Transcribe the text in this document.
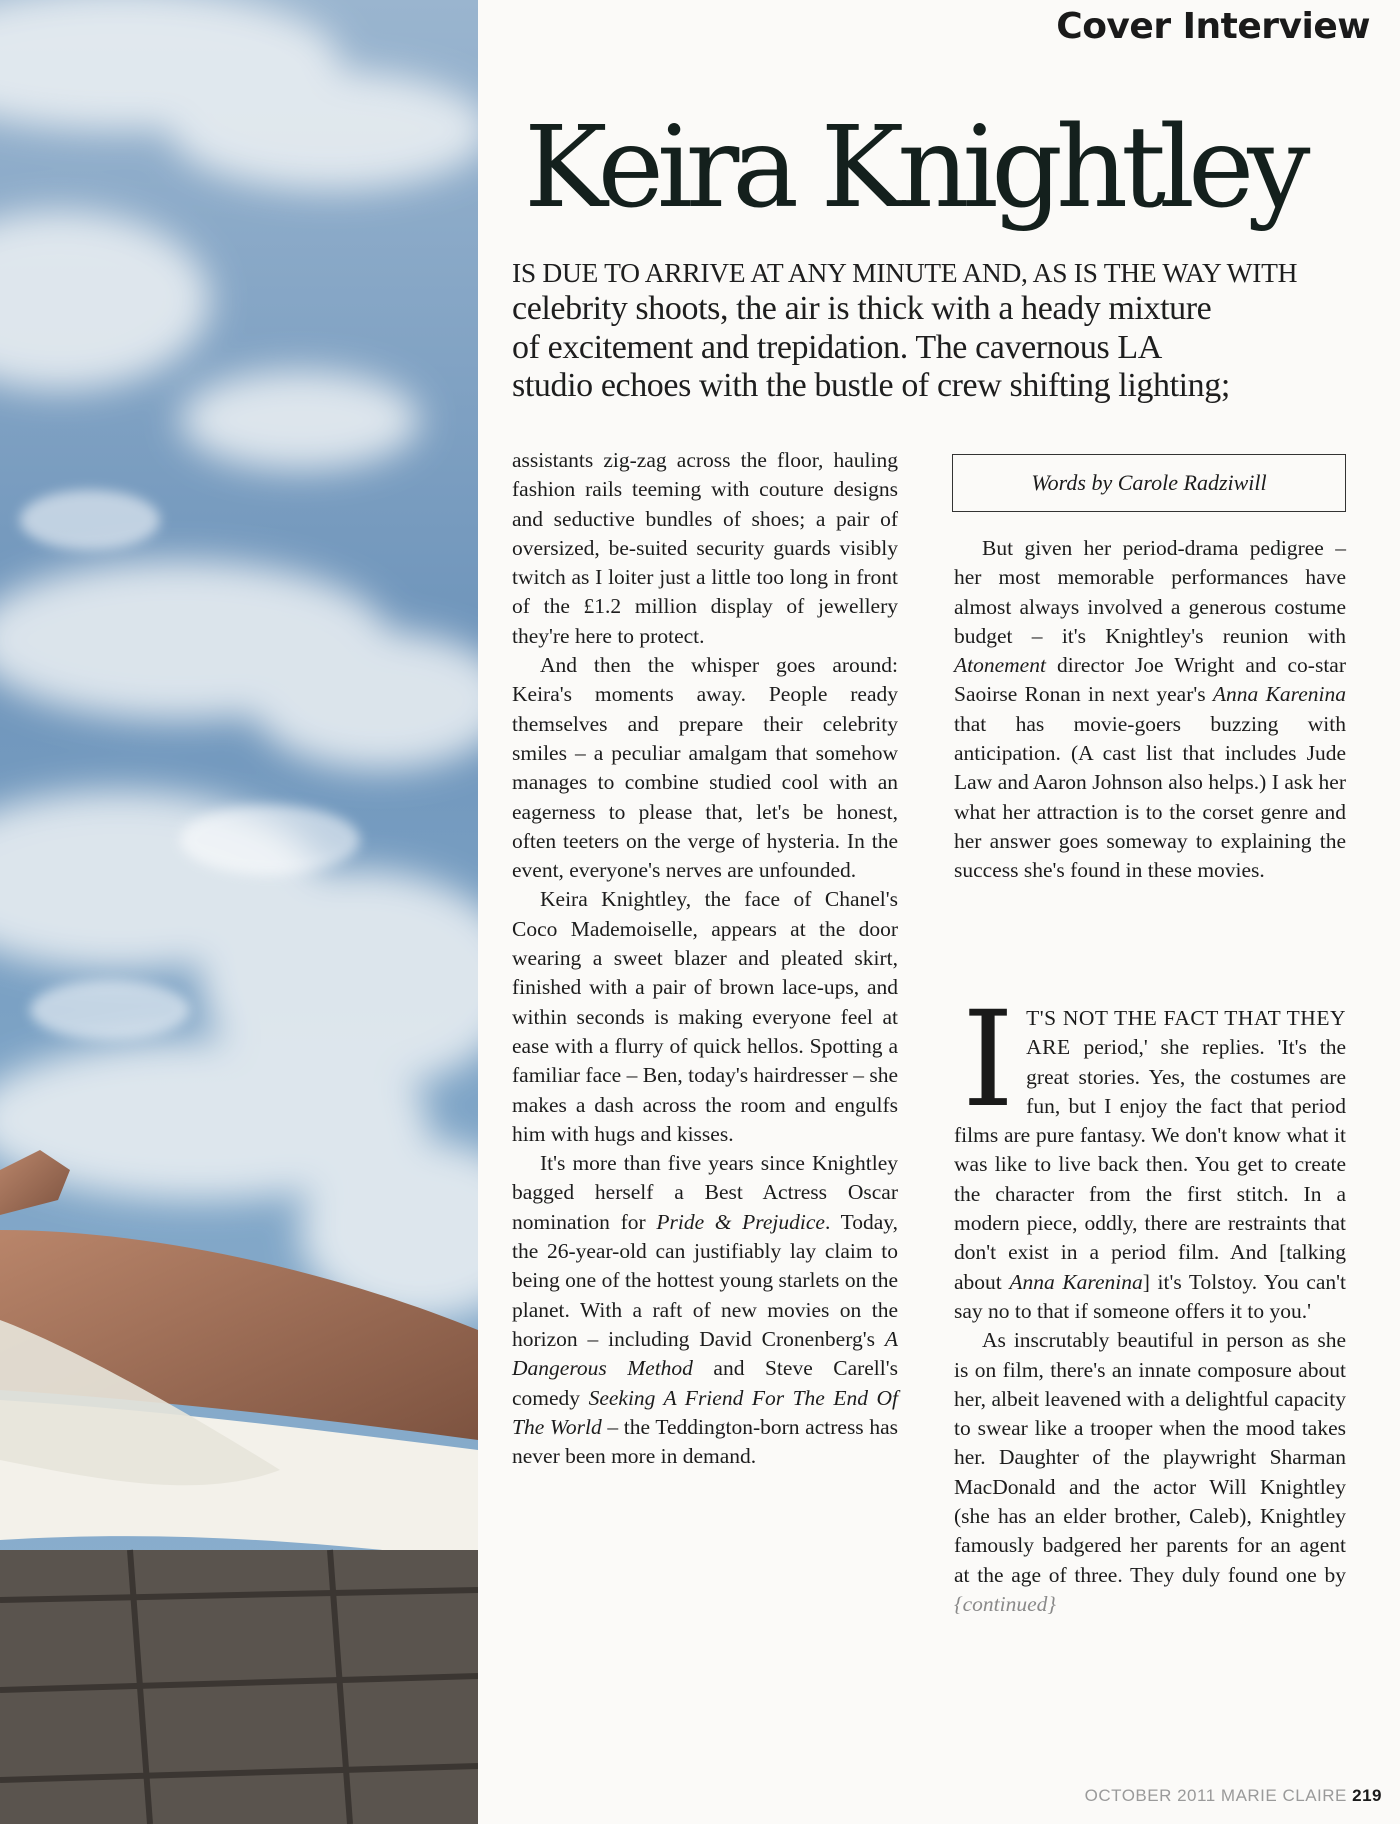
Cover Interview
Keira Knightley

IS DUE TO ARRIVE AT ANY MINUTE AND, AS IS THE WAY WITH

celebrity shoots, the air is thick with a heady mixture

of excitement and trepidation. The cavernous LA

studio echoes with the bustle of crew shifting lighting;

assistants zig-zag across the floor, hauling fashion rails teeming with couture designs and seductive bundles of shoes; a pair of oversized, be-suited security guards visibly twitch as I loiter just a little too long in front of the £1.2 million display of jewellery they're here to protect.

And then the whisper goes around: Keira's moments away. People ready themselves and prepare their celebrity smiles – a peculiar amalgam that somehow manages to combine studied cool with an eagerness to please that, let's be honest, often teeters on the verge of hysteria. In the event, everyone's nerves are unfounded.

Keira Knightley, the face of Chanel's Coco Mademoiselle, appears at the door wearing a sweet blazer and pleated skirt, finished with a pair of brown lace-ups, and within seconds is making everyone feel at ease with a flurry of quick hellos. Spotting a familiar face – Ben, today's hairdresser – she makes a dash across the room and engulfs him with hugs and kisses.

It's more than five years since Knightley bagged herself a Best Actress Oscar nomination for Pride & Prejudice. Today, the 26-year-old can justifiably lay claim to being one of the hottest young starlets on the planet. With a raft of new movies on the horizon – including David Cronenberg's A Dangerous Method and Steve Carell's comedy Seeking A Friend For The End Of The World – the Teddington-born actress has never been more in demand.

Words by Carole Radziwill

But given her period-drama pedigree – her most memorable performances have almost always involved a generous costume budget – it's Knightley's reunion with Atonement director Joe Wright and co-star Saoirse Ronan in next year's Anna Karenina that has movie-goers buzzing with anticipation. (A cast list that includes Jude Law and Aaron Johnson also helps.) I ask her what her attraction is to the corset genre and her answer goes someway to explaining the success she's found in these movies.

I T'S NOT THE FACT THAT THEY ARE period,' she replies. 'It's the great stories. Yes, the costumes are fun, but I enjoy the fact that period films are pure fantasy. We don't know what it was like to live back then. You get to create the character from the first stitch. In a modern piece, oddly, there are restraints that don't exist in a period film. And [talking about Anna Karenina] it's Tolstoy. You can't say no to that if someone offers it to you.'

As inscrutably beautiful in person as she is on film, there's an innate composure about her, albeit leavened with a delightful capacity to swear like a trooper when the mood takes her. Daughter of the playwright Sharman MacDonald and the actor Will Knightley (she has an elder brother, Caleb), Knightley famously badgered her parents for an agent at the age of three. They duly found one by {continued}

OCTOBER 2011 MARIE CLAIRE 219
